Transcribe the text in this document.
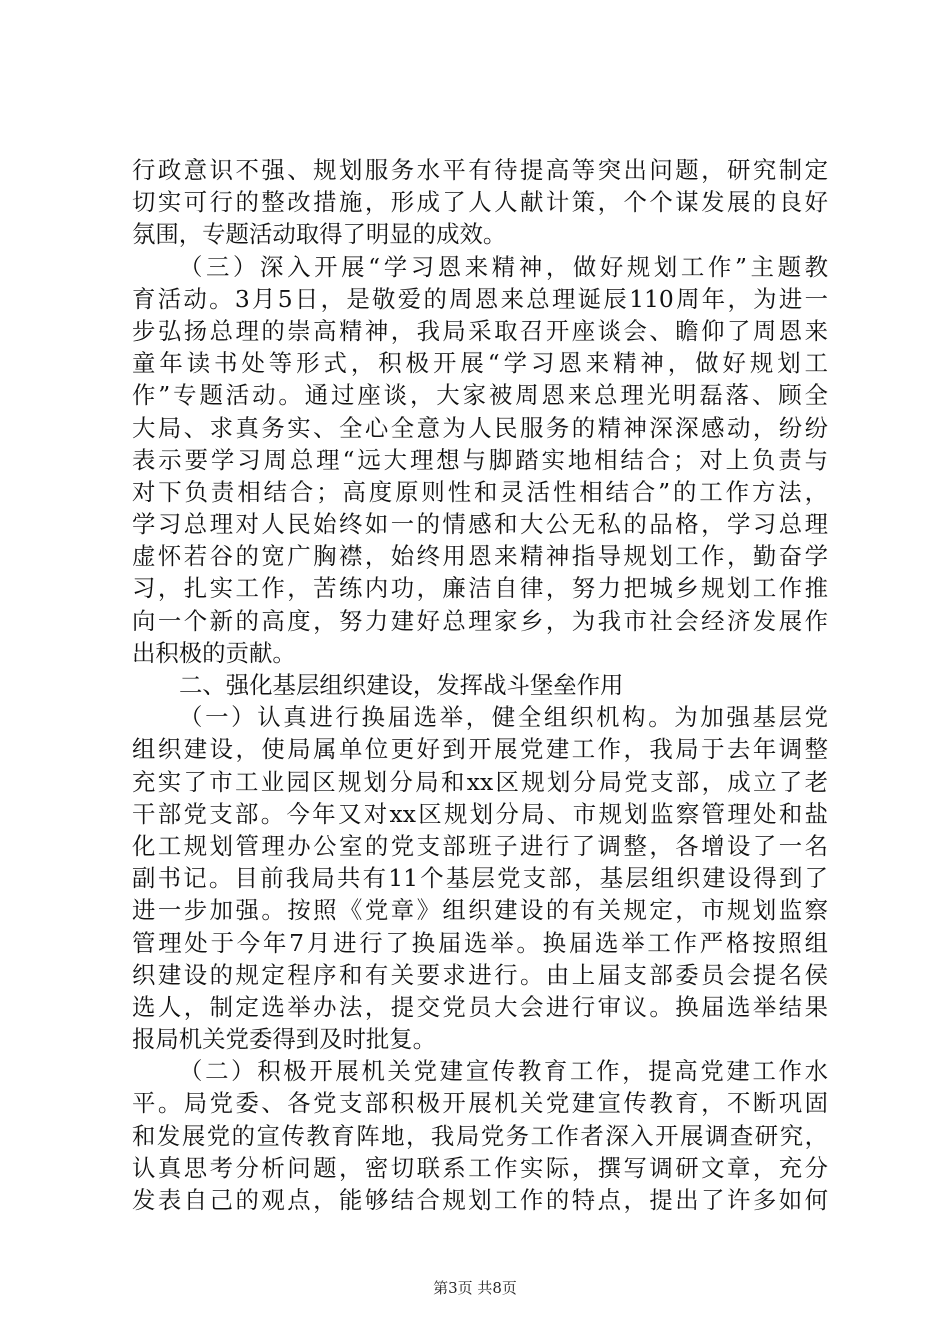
行政意识不强、规划服务水平有待提高等突出问题，研究制定
切实可行的整改措施，形成了人人献计策，个个谋发展的良好
氛围，专题活动取得了明显的成效。
（三）深入开展“学习恩来精神，做好规划工作”主题教
育活动。3月5日，是敬爱的周恩来总理诞辰110周年，为进一
步弘扬总理的崇高精神，我局采取召开座谈会、瞻仰了周恩来
童年读书处等形式，积极开展“学习恩来精神，做好规划工
作”专题活动。通过座谈，大家被周恩来总理光明磊落、顾全
大局、求真务实、全心全意为人民服务的精神深深感动，纷纷
表示要学习周总理“远大理想与脚踏实地相结合；对上负责与
对下负责相结合；高度原则性和灵活性相结合”的工作方法，
学习总理对人民始终如一的情感和大公无私的品格，学习总理
虚怀若谷的宽广胸襟，始终用恩来精神指导规划工作，勤奋学
习，扎实工作，苦练内功，廉洁自律，努力把城乡规划工作推
向一个新的高度，努力建好总理家乡，为我市社会经济发展作
出积极的贡献。
二、强化基层组织建设，发挥战斗堡垒作用
（一）认真进行换届选举，健全组织机构。为加强基层党
组织建设，使局属单位更好到开展党建工作，我局于去年调整
充实了市工业园区规划分局和xx区规划分局党支部，成立了老
干部党支部。今年又对xx区规划分局、市规划监察管理处和盐
化工规划管理办公室的党支部班子进行了调整，各增设了一名
副书记。目前我局共有11个基层党支部，基层组织建设得到了
进一步加强。按照《党章》组织建设的有关规定，市规划监察
管理处于今年7月进行了换届选举。换届选举工作严格按照组
织建设的规定程序和有关要求进行。由上届支部委员会提名侯
选人，制定选举办法，提交党员大会进行审议。换届选举结果
报局机关党委得到及时批复。
（二）积极开展机关党建宣传教育工作，提高党建工作水
平。局党委、各党支部积极开展机关党建宣传教育，不断巩固
和发展党的宣传教育阵地，我局党务工作者深入开展调查研究，
认真思考分析问题，密切联系工作实际，撰写调研文章，充分
发表自己的观点，能够结合规划工作的特点，提出了许多如何
第3页 共8页
